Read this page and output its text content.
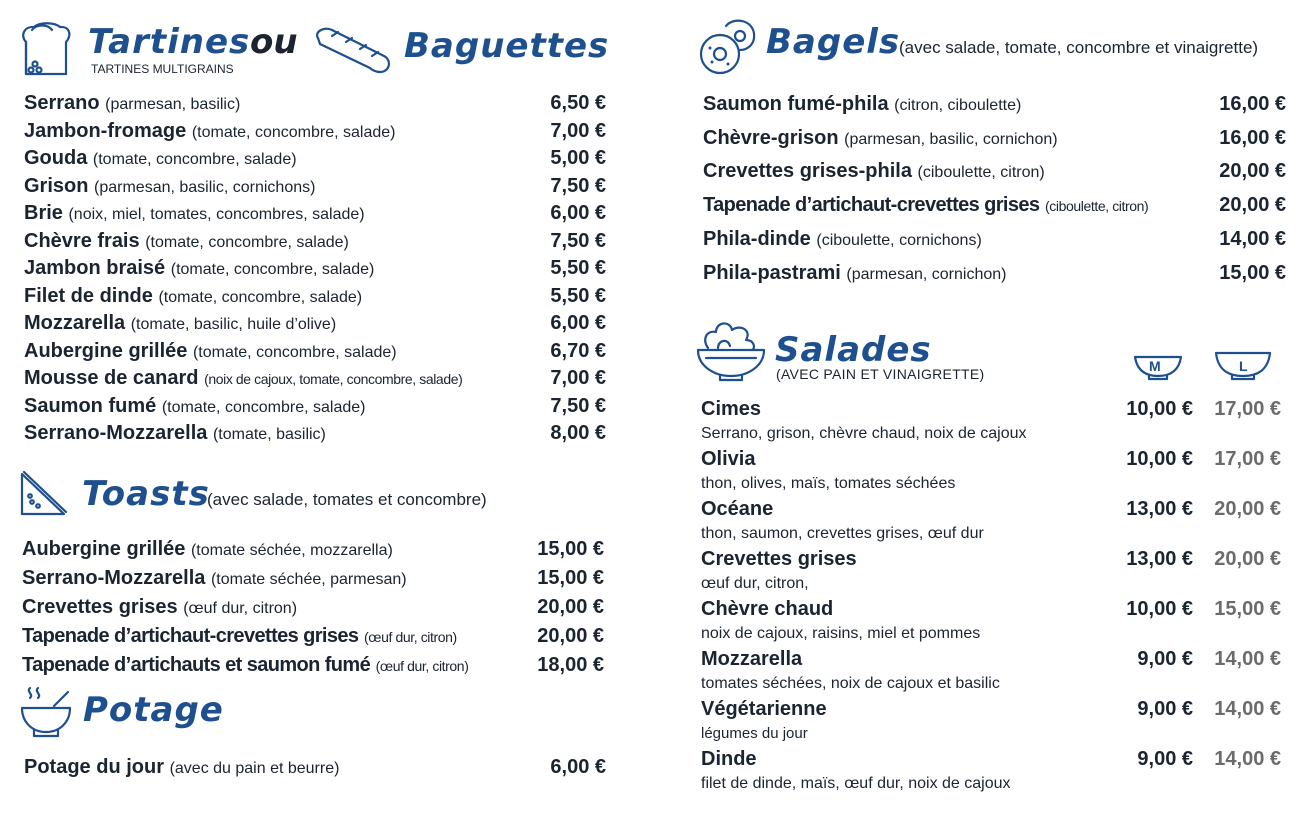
Tartines ou	Baguettes
TARTINES MULTIGRAINS
Serrano (parmesan, basilic)	6,50 €
Jambon-fromage (tomate, concombre, salade)	7,00 €
Gouda (tomate, concombre, salade)	5,00 €
Grison (parmesan, basilic, cornichons)	7,50 €
Brie (noix, miel, tomates, concombres, salade)	6,00 €
Chèvre frais (tomate, concombre, salade)	7,50 €
Jambon braisé (tomate, concombre, salade)	5,50 €
Filet de dinde (tomate, concombre, salade)	5,50 €
Mozzarella (tomate, basilic, huile d’olive)	6,00 €
Aubergine grillée (tomate, concombre, salade)	6,70 €
Mousse de canard (noix de cajoux, tomate, concombre, salade)	7,00 €
Saumon fumé (tomate, concombre, salade)	7,50 €
Serrano-Mozzarella (tomate, basilic)	8,00 €
Toasts
(avec salade, tomates et concombre)
Aubergine grillée (tomate séchée, mozzarella)	15,00 €
Serrano-Mozzarella (tomate séchée, parmesan)	15,00 €
Crevettes grises (œuf dur, citron)	20,00 €
Tapenade d’artichaut-crevettes grises (œuf dur, citron)	20,00 €
Tapenade d’artichauts et saumon fumé (œuf dur, citron)	18,00 €
Potage
Potage du jour (avec du pain et beurre)	6,00 €
Bagels
(avec salade, tomate, concombre et vinaigrette)
Saumon fumé-phila (citron, ciboulette)	16,00 €
Chèvre-grison (parmesan, basilic, cornichon)	16,00 €
Crevettes grises-phila (ciboulette, citron)	20,00 €
Tapenade d’artichaut-crevettes grises (ciboulette, citron)	20,00 €
Phila-dinde (ciboulette, cornichons)	14,00 €
Phila-pastrami (parmesan, cornichon)	15,00 €
Salades
(AVEC PAIN ET VINAIGRETTE)	M	L
Cimes	10,00 € 17,00 €
Serrano, grison, chèvre chaud, noix de cajoux
Olivia	10,00 € 17,00 €
thon, olives, maïs, tomates séchées
Océane	13,00 € 20,00 €
thon, saumon, crevettes grises, œuf dur
Crevettes grises	13,00 € 20,00 €
œuf dur, citron,
Chèvre chaud	10,00 € 15,00 €
noix de cajoux, raisins, miel et pommes
Mozzarella	9,00 € 14,00 €
tomates séchées, noix de cajoux et basilic
Végétarienne	9,00 € 14,00 €
légumes du jour
Dinde	9,00 € 14,00 €
filet de dinde, maïs, œuf dur, noix de cajoux
